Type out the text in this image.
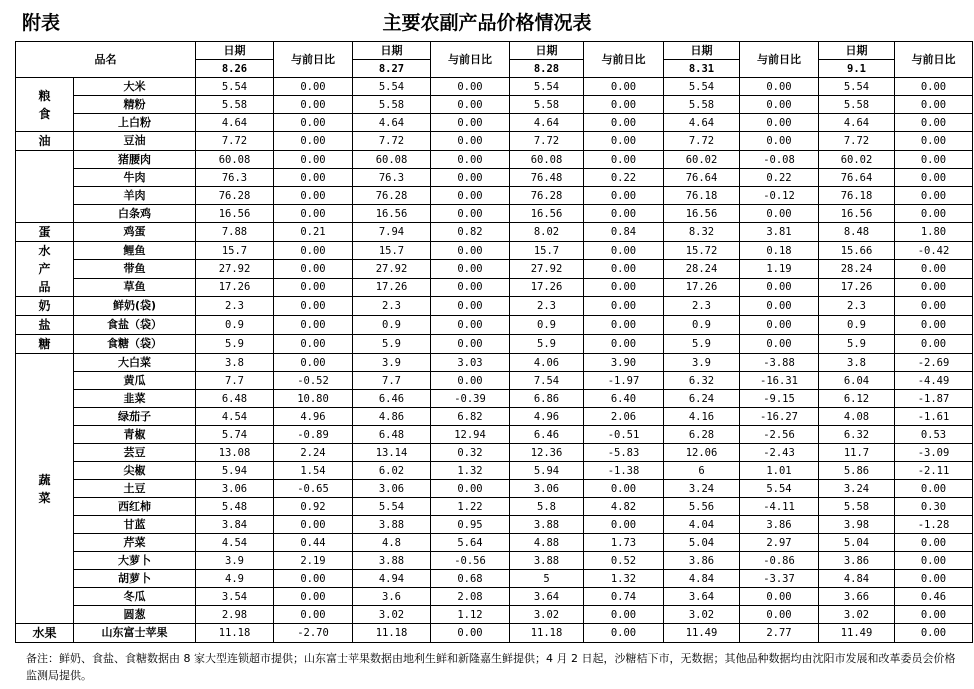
主要农副产品价格情况表
附表
品名		日期	与前日比	日期	与前日比	日期	与前日比	日期	与前日比	日期	与前日比
		8.26		8.27		8.28		8.31		9.1	
粮
食	大米	5.54	0.00	5.54	0.00	5.54	0.00	5.54	0.00	5.54	0.00
	精粉	5.58	0.00	5.58	0.00	5.58	0.00	5.58	0.00	5.58	0.00
	上白粉	4.64	0.00	4.64	0.00	4.64	0.00	4.64	0.00	4.64	0.00
油	豆油	7.72	0.00	7.72	0.00	7.72	0.00	7.72	0.00	7.72	0.00
	猪腰肉	60.08	0.00	60.08	0.00	60.08	0.00	60.02	-0.08	60.02	0.00
	牛肉	76.3	0.00	76.3	0.00	76.48	0.22	76.64	0.22	76.64	0.00
	羊肉	76.28	0.00	76.28	0.00	76.28	0.00	76.18	-0.12	76.18	0.00
	白条鸡	16.56	0.00	16.56	0.00	16.56	0.00	16.56	0.00	16.56	0.00
蛋	鸡蛋	7.88	0.21	7.94	0.82	8.02	0.84	8.32	3.81	8.48	1.80
水
产
品	鲤鱼	15.7	0.00	15.7	0.00	15.7	0.00	15.72	0.18	15.66	-0.42
	带鱼	27.92	0.00	27.92	0.00	27.92	0.00	28.24	1.19	28.24	0.00
	草鱼	17.26	0.00	17.26	0.00	17.26	0.00	17.26	0.00	17.26	0.00
奶	鲜奶(袋)	2.3	0.00	2.3	0.00	2.3	0.00	2.3	0.00	2.3	0.00
盐	食盐（袋）	0.9	0.00	0.9	0.00	0.9	0.00	0.9	0.00	0.9	0.00
糖	食糖（袋）	5.9	0.00	5.9	0.00	5.9	0.00	5.9	0.00	5.9	0.00
蔬
菜	大白菜	3.8	0.00	3.9	3.03	4.06	3.90	3.9	-3.88	3.8	-2.69
	黄瓜	7.7	-0.52	7.7	0.00	7.54	-1.97	6.32	-16.31	6.04	-4.49
	韭菜	6.48	10.80	6.46	-0.39	6.86	6.40	6.24	-9.15	6.12	-1.87
	绿茄子	4.54	4.96	4.86	6.82	4.96	2.06	4.16	-16.27	4.08	-1.61
	青椒	5.74	-0.89	6.48	12.94	6.46	-0.51	6.28	-2.56	6.32	0.53
	芸豆	13.08	2.24	13.14	0.32	12.36	-5.83	12.06	-2.43	11.7	-3.09
	尖椒	5.94	1.54	6.02	1.32	5.94	-1.38	6	1.01	5.86	-2.11
	土豆	3.06	-0.65	3.06	0.00	3.06	0.00	3.24	5.54	3.24	0.00
	西红柿	5.48	0.92	5.54	1.22	5.8	4.82	5.56	-4.11	5.58	0.30
	甘蓝	3.84	0.00	3.88	0.95	3.88	0.00	4.04	3.86	3.98	-1.28
	芹菜	4.54	0.44	4.8	5.64	4.88	1.73	5.04	2.97	5.04	0.00
	大萝卜	3.9	2.19	3.88	-0.56	3.88	0.52	3.86	-0.86	3.86	0.00
	胡萝卜	4.9	0.00	4.94	0.68	5	1.32	4.84	-3.37	4.84	0.00
	冬瓜	3.54	0.00	3.6	2.08	3.64	0.74	3.64	0.00	3.66	0.46
	圆葱	2.98	0.00	3.02	1.12	3.02	0.00	3.02	0.00	3.02	0.00
水果	山东富士苹果	11.18	-2.70	11.18	0.00	11.18	0.00	11.49	2.77	11.49	0.00
备注：鲜奶、食盐、食糖数据由 8 家大型连锁超市提供；山东富士苹果数据由地利生鲜和新隆嘉生鲜提供；4 月 2 日起，沙糖桔下市，无数据；其他品种数据均由沈阳市发展和改革委员会价格监测局提供。
